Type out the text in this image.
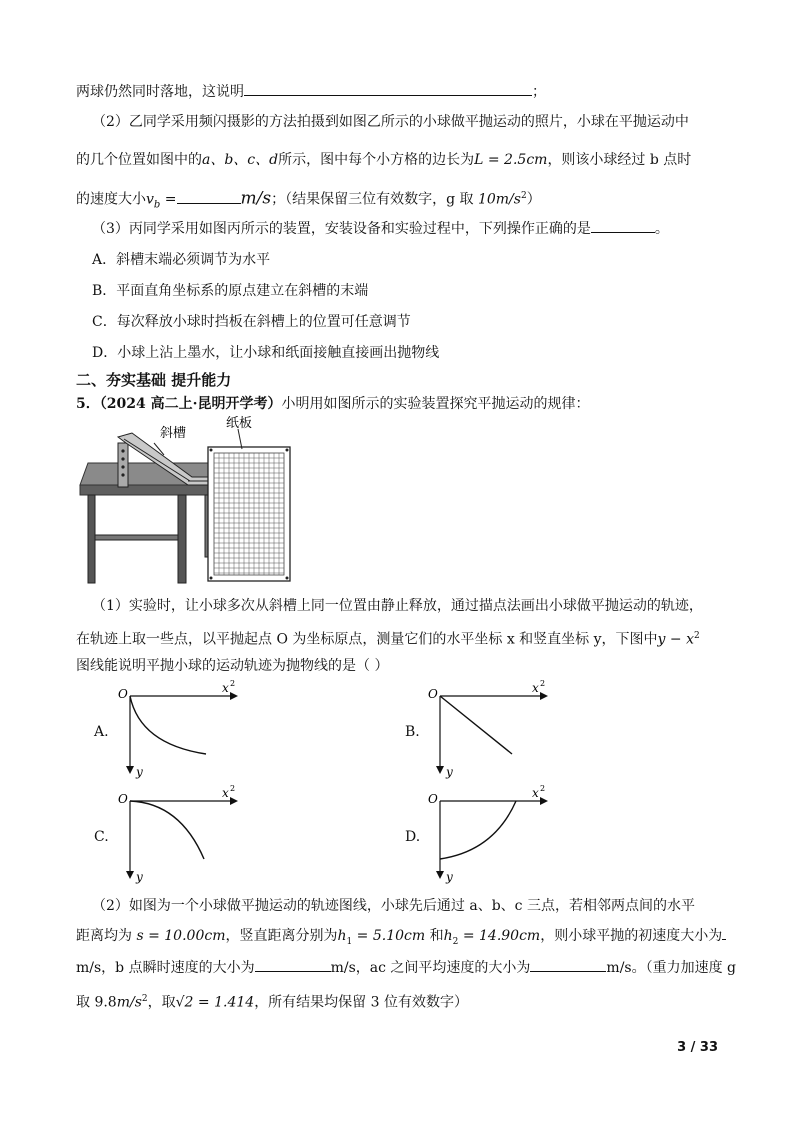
两球仍然同时落地，这说明	；
（2）乙同学采用频闪摄影的方法拍摄到如图乙所示的小球做平抛运动的照片，小球在平抛运动中
的几个位置如图中的a、b、c、d所示，图中每个小方格的边长为L = 2.5cm，则该小球经过 b 点时
的速度大小$v_b$ =	m/s；（结果保留三位有效数字，g 取 $10m/s^2$）
（3）丙同学采用如图丙所示的装置，安装设备和实验过程中，下列操作正确的是	。
A．斜槽末端必须调节为水平
B．平面直角坐标系的原点建立在斜槽的末端
C．每次释放小球时挡板在斜槽上的位置可任意调节
D．小球上沾上墨水，让小球和纸面接触直接画出抛物线
二、夯实基础 提升能力
5．（2024 高二上·昆明开学考）小明用如图所示的实验装置探究平抛运动的规律：
斜槽
纸板
（1）实验时，让小球多次从斜槽上同一位置由静止释放，通过描点法画出小球做平抛运动的轨迹，
在轨迹上取一些点，以平抛起点 O 为坐标原点，测量它们的水平坐标 x 和竖直坐标 y，下图中$y - x^2$
图线能说明平抛小球的运动轨迹为抛物线的是（ ）
A.	B.
C.	D.
O	x 2
y
O	x 2
y
O	x 2
y
O	x 2
y
（2）如图为一个小球做平抛运动的轨迹图线，小球先后通过 a、b、c 三点，若相邻两点间的水平
距离均为 s = 10.00cm，竖直距离分别为$h_1 = 5.10cm$ 和$h_2 = 14.90cm$，则小球平抛的初速度大小为
m/s，b 点瞬时速度的大小为	m/s，ac 之间平均速度的大小为	m/s。（重力加速度 g
取 $9.8m/s^2$，取√2 = 1.414，所有结果均保留 3 位有效数字）
3 / 33
